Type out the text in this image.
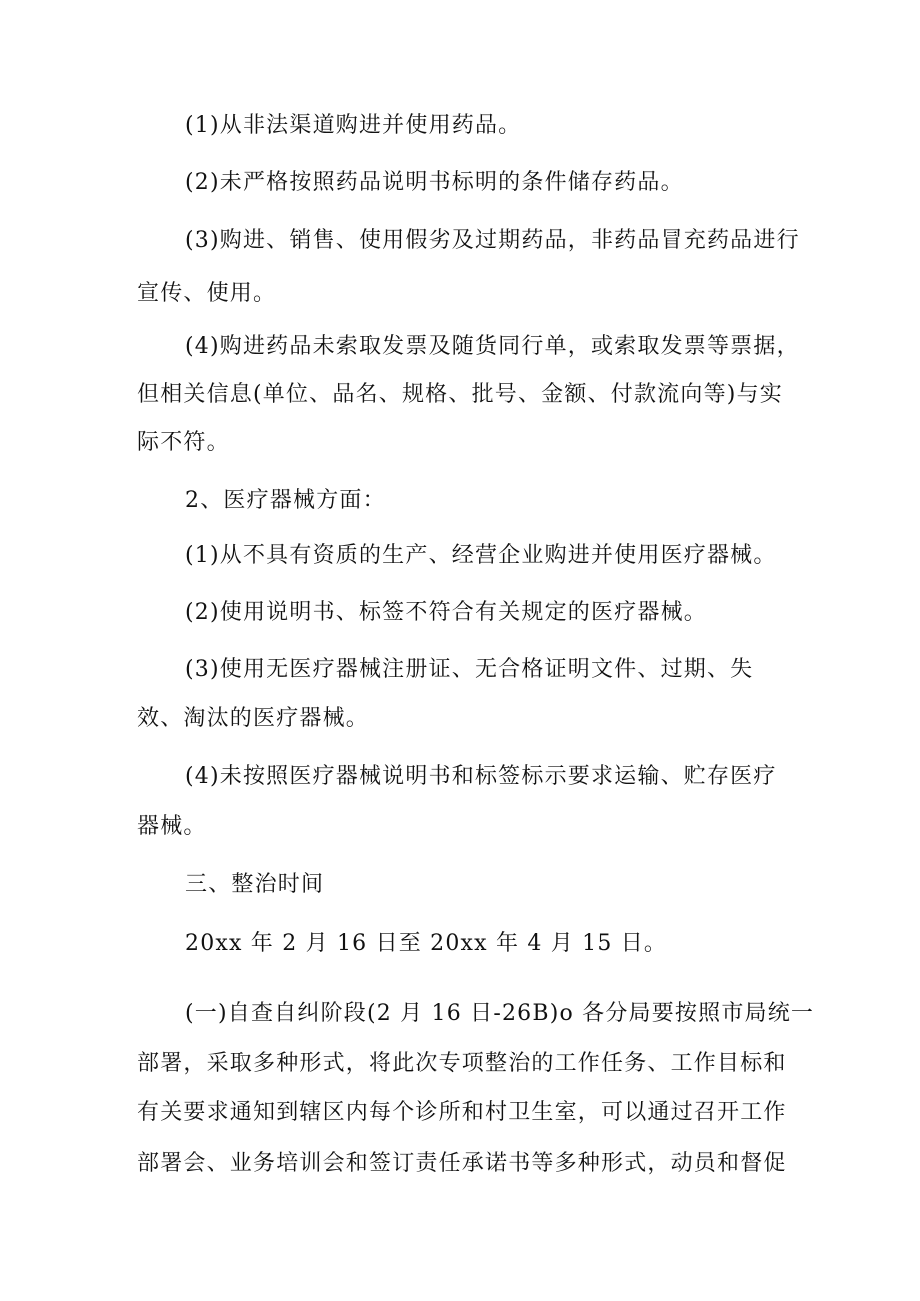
(1)从非法渠道购进并使用药品。
(2)未严格按照药品说明书标明的条件储存药品。
(3)购进、销售、使用假劣及过期药品，非药品冒充药品进行
宣传、使用。
(4)购进药品未索取发票及随货同行单，或索取发票等票据，
但相关信息(单位、品名、规格、批号、金额、付款流向等)与实
际不符。
2、医疗器械方面：
(1)从不具有资质的生产、经营企业购进并使用医疗器械。
(2)使用说明书、标签不符合有关规定的医疗器械。
(3)使用无医疗器械注册证、无合格证明文件、过期、失
效、淘汰的医疗器械。
(4)未按照医疗器械说明书和标签标示要求运输、贮存医疗
器械。
三、整治时间
20xx 年 2 月 16 日至 20xx 年 4 月 15 日。
(一)自查自纠阶段(2 月 16 日-26B)o 各分局要按照市局统一
部署，采取多种形式，将此次专项整治的工作任务、工作目标和
有关要求通知到辖区内每个诊所和村卫生室，可以通过召开工作
部署会、业务培训会和签订责任承诺书等多种形式，动员和督促
